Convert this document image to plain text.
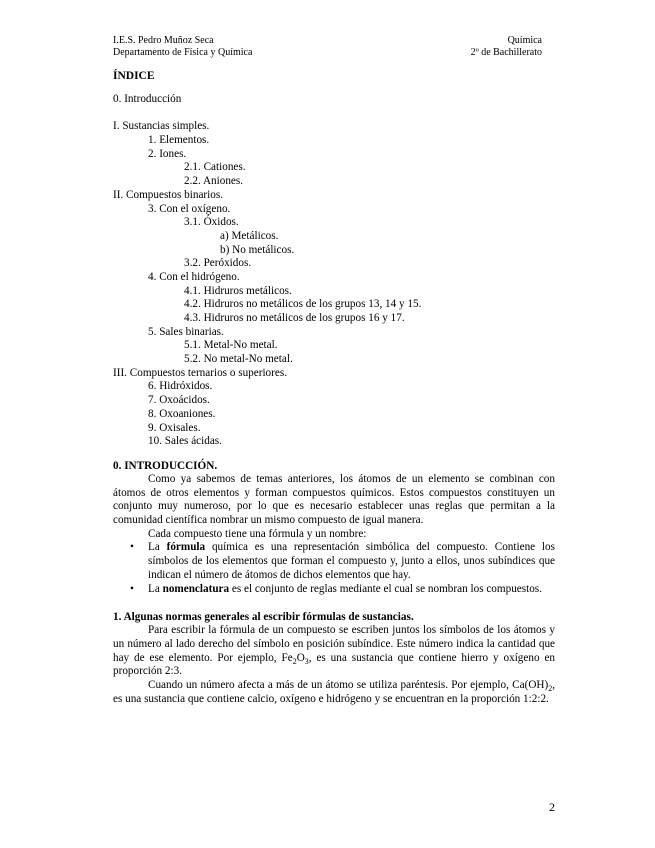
I.E.S. Pedro Muñoz Seca
Departamento de Física y Química
Química
2º de Bachillerato
ÍNDICE
0. Introducción
I. Sustancias simples.
1. Elementos.
2. Iones.
2.1. Cationes.
2.2. Aniones.
II. Compuestos binarios.
3. Con el oxígeno.
3.1. Óxidos.
a) Metálicos.
b) No metálicos.
3.2. Peróxidos.
4. Con el hidrógeno.
4.1. Hidruros metálicos.
4.2. Hidruros no metálicos de los grupos 13, 14 y 15.
4.3. Hidruros no metálicos de los grupos 16 y 17.
5. Sales binarias.
5.1. Metal-No metal.
5.2. No metal-No metal.
III. Compuestos ternarios o superiores.
6. Hidróxidos.
7. Oxoácidos.
8. Oxoaniones.
9. Oxisales.
10. Sales ácidas.
0. INTRODUCCIÓN.
Como ya sabemos de temas anteriores, los átomos de un elemento se combinan con átomos de otros elementos y forman compuestos químicos. Estos compuestos constituyen un conjunto muy numeroso, por lo que es necesario establecer unas reglas que permitan a la comunidad científica nombrar un mismo compuesto de igual manera.
Cada compuesto tiene una fórmula y un nombre:
• La fórmula química es una representación simbólica del compuesto. Contiene los símbolos de los elementos que forman el compuesto y, junto a ellos, unos subíndices que indican el número de átomos de dichos elementos que hay.
• La nomenclatura es el conjunto de reglas mediante el cual se nombran los compuestos.
1. Algunas normas generales al escribir fórmulas de sustancias.
Para escribir la fórmula de un compuesto se escriben juntos los símbolos de los átomos y un número al lado derecho del símbolo en posición subíndice. Este número indica la cantidad que hay de ese elemento. Por ejemplo, $Fe_2O_3$, es una sustancia que contiene hierro y oxígeno en proporción 2:3.
Cuando un número afecta a más de un átomo se utiliza paréntesis. Por ejemplo, $Ca(OH)_2$, es una sustancia que contiene calcio, oxígeno e hidrógeno y se encuentran en la proporción 1:2:2.
2
